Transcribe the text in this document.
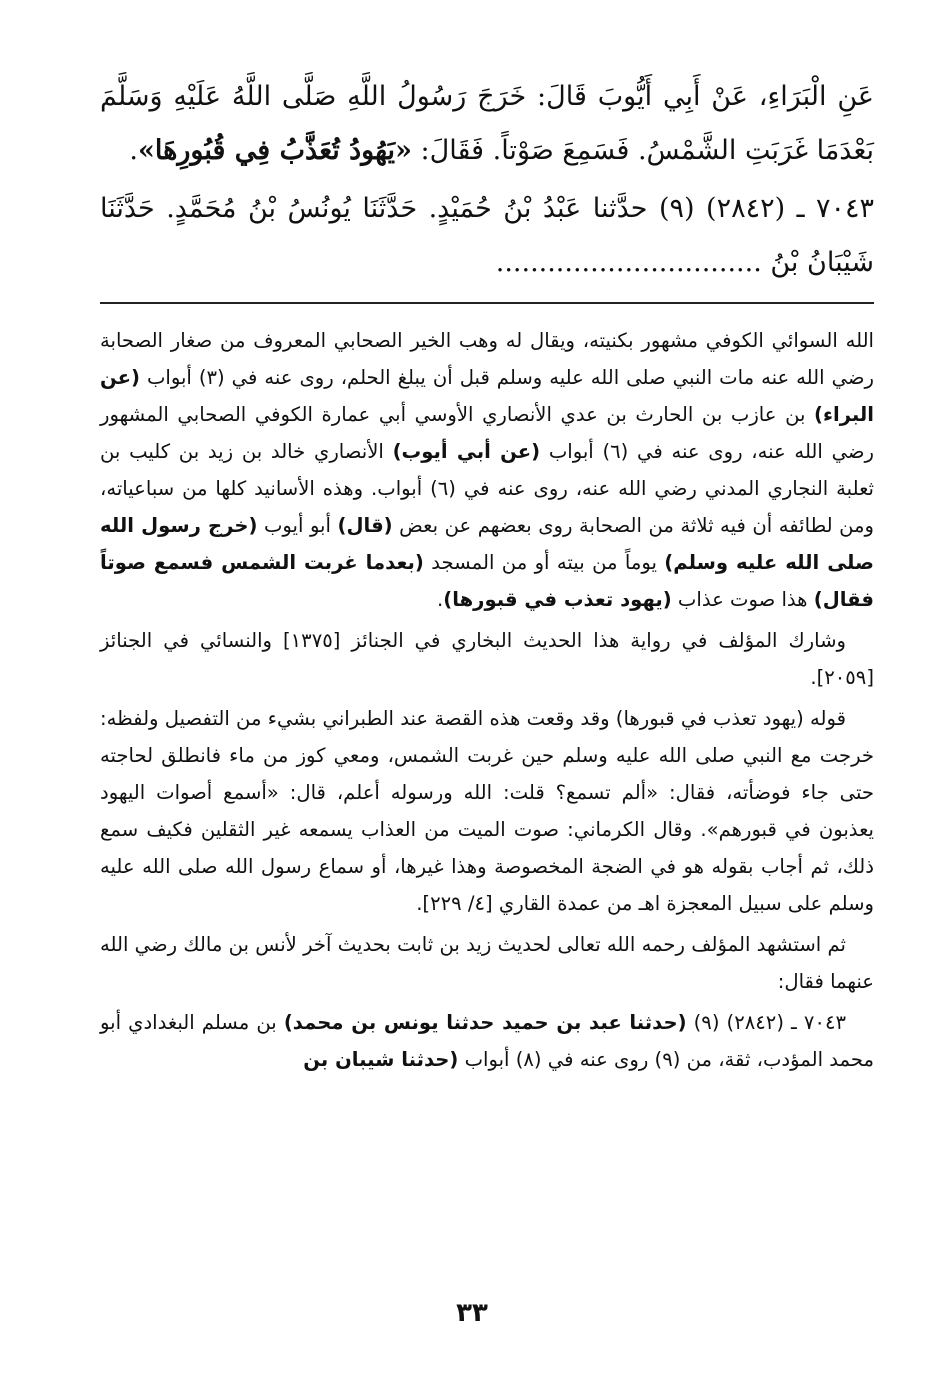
عَنِ الْبَرَاءِ، عَنْ أَبِي أَيُّوبَ قَالَ: خَرَجَ رَسُولُ اللَّهِ صَلَّى اللَّهُ عَلَيْهِ وَسَلَّمَ بَعْدَمَا غَرَبَتِ الشَّمْسُ. فَسَمِعَ صَوْتاً. فَقَالَ: «يَهُودُ تُعَذَّبُ فِي قُبُورِهَا».

٧٠٤٣ ـ (٢٨٤٢) (٩) حدَّثنا عَبْدُ بْنُ حُمَيْدٍ. حَدَّثَنَا يُونُسُ بْنُ مُحَمَّدٍ. حَدَّثَنَا شَيْبَانُ بْنُ ...............................

الله السوائي الكوفي مشهور بكنيته، ويقال له وهب الخير الصحابي المعروف من صغار الصحابة رضي الله عنه مات النبي صلى الله عليه وسلم قبل أن يبلغ الحلم، روى عنه في (٣) أبواب (عن البراء) بن عازب بن الحارث بن عدي الأنصاري الأوسي أبي عمارة الكوفي الصحابي المشهور رضي الله عنه، روى عنه في (٦) أبواب (عن أبي أيوب) الأنصاري خالد بن زيد بن كليب بن ثعلبة النجاري المدني رضي الله عنه، روى عنه في (٦) أبواب. وهذه الأسانيد كلها من سباعياته، ومن لطائفه أن فيه ثلاثة من الصحابة روى بعضهم عن بعض (قال) أبو أيوب (خرج رسول الله صلى الله عليه وسلم) يوماً من بيته أو من المسجد (بعدما غربت الشمس فسمع صوتاً فقال) هذا صوت عذاب (يهود تعذب في قبورها).

وشارك المؤلف في رواية هذا الحديث البخاري في الجنائز [١٣٧٥] والنسائي في الجنائز [٢٠٥٩].

قوله (يهود تعذب في قبورها) وقد وقعت هذه القصة عند الطبراني بشيء من التفصيل ولفظه: خرجت مع النبي صلى الله عليه وسلم حين غربت الشمس، ومعي كوز من ماء فانطلق لحاجته حتى جاء فوضأته، فقال: «ألم تسمع؟ قلت: الله ورسوله أعلم، قال: «أسمع أصوات اليهود يعذبون في قبورهم». وقال الكرماني: صوت الميت من العذاب يسمعه غير الثقلين فكيف سمع ذلك، ثم أجاب بقوله هو في الضجة المخصوصة وهذا غيرها، أو سماع رسول الله صلى الله عليه وسلم على سبيل المعجزة اهـ من عمدة القاري [٤/ ٢٢٩].

ثم استشهد المؤلف رحمه الله تعالى لحديث زيد بن ثابت بحديث آخر لأنس بن مالك رضي الله عنهما فقال:

٧٠٤٣ ـ (٢٨٤٢) (٩) (حدثنا عبد بن حميد حدثنا يونس بن محمد) بن مسلم البغدادي أبو محمد المؤدب، ثقة، من (٩) روى عنه في (٨) أبواب (حدثنا شيبان بن

٣٣
